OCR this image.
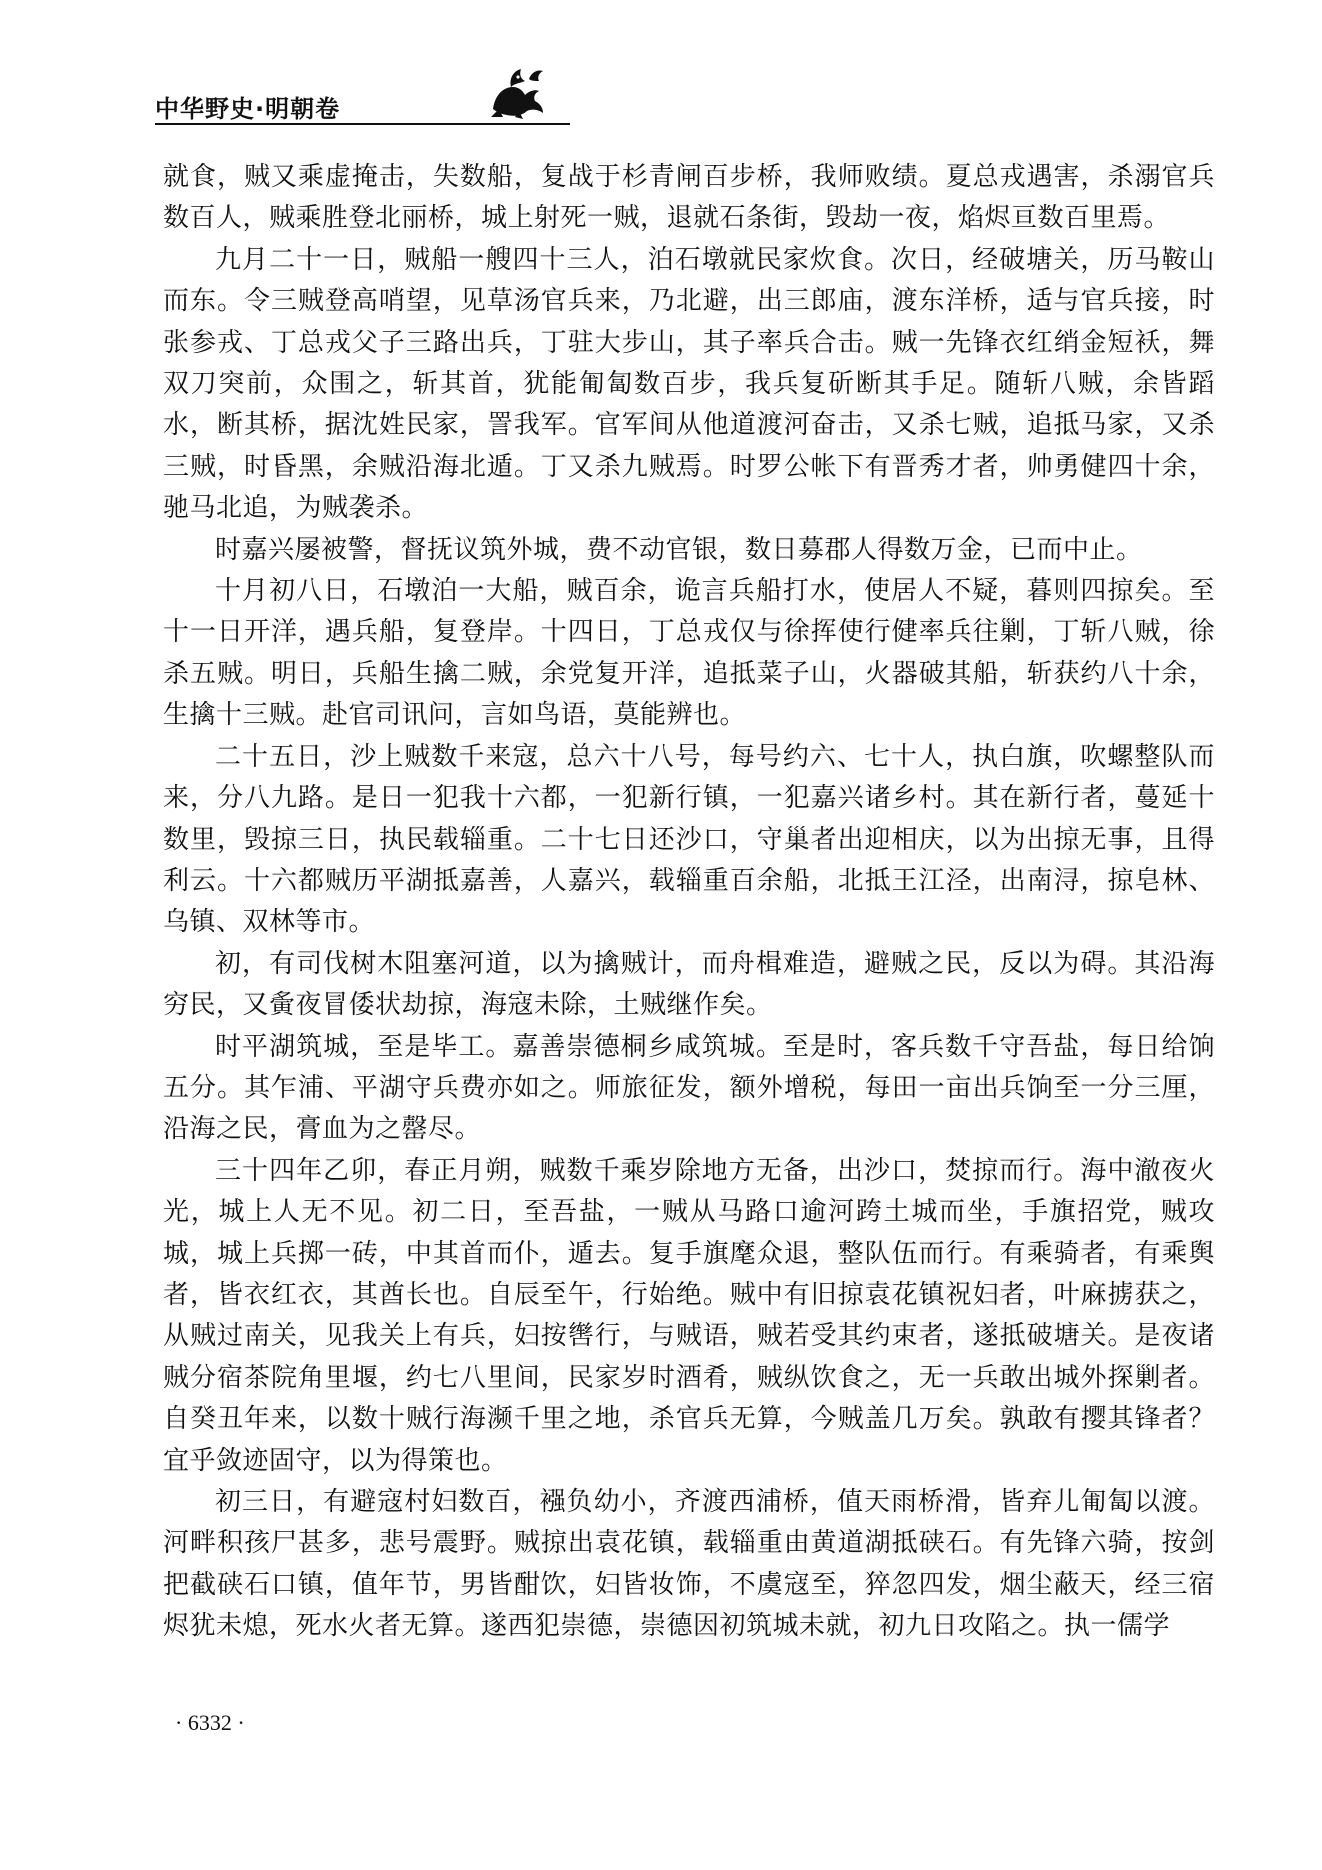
中华野史·明朝卷

就食，贼又乘虚掩击，失数船，复战于杉青闸百步桥，我师败绩。夏总戎遇害，杀溺官兵数百人，贼乘胜登北丽桥，城上射死一贼，退就石条街，毁劫一夜，焰烬亘数百里焉。

九月二十一日，贼船一艘四十三人，泊石墩就民家炊食。次日，经破塘关，历马鞍山而东。令三贼登高哨望，见草汤官兵来，乃北避，出三郎庙，渡东洋桥，适与官兵接，时张参戎、丁总戎父子三路出兵，丁驻大步山，其子率兵合击。贼一先锋衣红绡金短袄，舞双刀突前，众围之，斩其首，犹能匍匐数百步，我兵复斫断其手足。随斩八贼，余皆蹈水，断其桥，据沈姓民家，詈我军。官军间从他道渡河奋击，又杀七贼，追抵马家，又杀三贼，时昏黑，余贼沿海北遁。丁又杀九贼焉。时罗公帐下有晋秀才者，帅勇健四十余，驰马北追，为贼袭杀。

时嘉兴屡被警，督抚议筑外城，费不动官银，数日募郡人得数万金，已而中止。

十月初八日，石墩泊一大船，贼百余，诡言兵船打水，使居人不疑，暮则四掠矣。至十一日开洋，遇兵船，复登岸。十四日，丁总戎仅与徐挥使行健率兵往剿，丁斩八贼，徐杀五贼。明日，兵船生擒二贼，余党复开洋，追抵菜子山，火器破其船，斩获约八十余，生擒十三贼。赴官司讯问，言如鸟语，莫能辨也。

二十五日，沙上贼数千来寇，总六十八号，每号约六、七十人，执白旗，吹螺整队而来，分八九路。是日一犯我十六都，一犯新行镇，一犯嘉兴诸乡村。其在新行者，蔓延十数里，毁掠三日，执民载辎重。二十七日还沙口，守巢者出迎相庆，以为出掠无事，且得利云。十六都贼历平湖抵嘉善，人嘉兴，载辎重百余船，北抵王江泾，出南浔，掠皂林、乌镇、双林等市。

初，有司伐树木阻塞河道，以为擒贼计，而舟楫难造，避贼之民，反以为碍。其沿海穷民，又夤夜冒倭状劫掠，海寇未除，土贼继作矣。

时平湖筑城，至是毕工。嘉善崇德桐乡咸筑城。至是时，客兵数千守吾盐，每日给饷五分。其乍浦、平湖守兵费亦如之。师旅征发，额外增税，每田一亩出兵饷至一分三厘，沿海之民，膏血为之罄尽。

三十四年乙卯，春正月朔，贼数千乘岁除地方无备，出沙口，焚掠而行。海中澈夜火光，城上人无不见。初二日，至吾盐，一贼从马路口逾河跨土城而坐，手旗招党，贼攻城，城上兵掷一砖，中其首而仆，遁去。复手旗麾众退，整队伍而行。有乘骑者，有乘舆者，皆衣红衣，其酋长也。自辰至午，行始绝。贼中有旧掠袁花镇祝妇者，叶麻掳获之，从贼过南关，见我关上有兵，妇按辔行，与贼语，贼若受其约束者，遂抵破塘关。是夜诸贼分宿茶院角里堰，约七八里间，民家岁时酒肴，贼纵饮食之，无一兵敢出城外探剿者。自癸丑年来，以数十贼行海濒千里之地，杀官兵无算，今贼盖几万矣。孰敢有撄其锋者？宜乎敛迹固守，以为得策也。

初三日，有避寇村妇数百，襁负幼小，齐渡西浦桥，值天雨桥滑，皆弃儿匍匐以渡。河畔积孩尸甚多，悲号震野。贼掠出袁花镇，载辎重由黄道湖抵硖石。有先锋六骑，按剑把截硖石口镇，值年节，男皆酣饮，妇皆妆饰，不虞寇至，猝忽四发，烟尘蔽天，经三宿烬犹未熄，死水火者无算。遂西犯崇德，崇德因初筑城未就，初九日攻陷之。执一儒学

· 6332 ·
